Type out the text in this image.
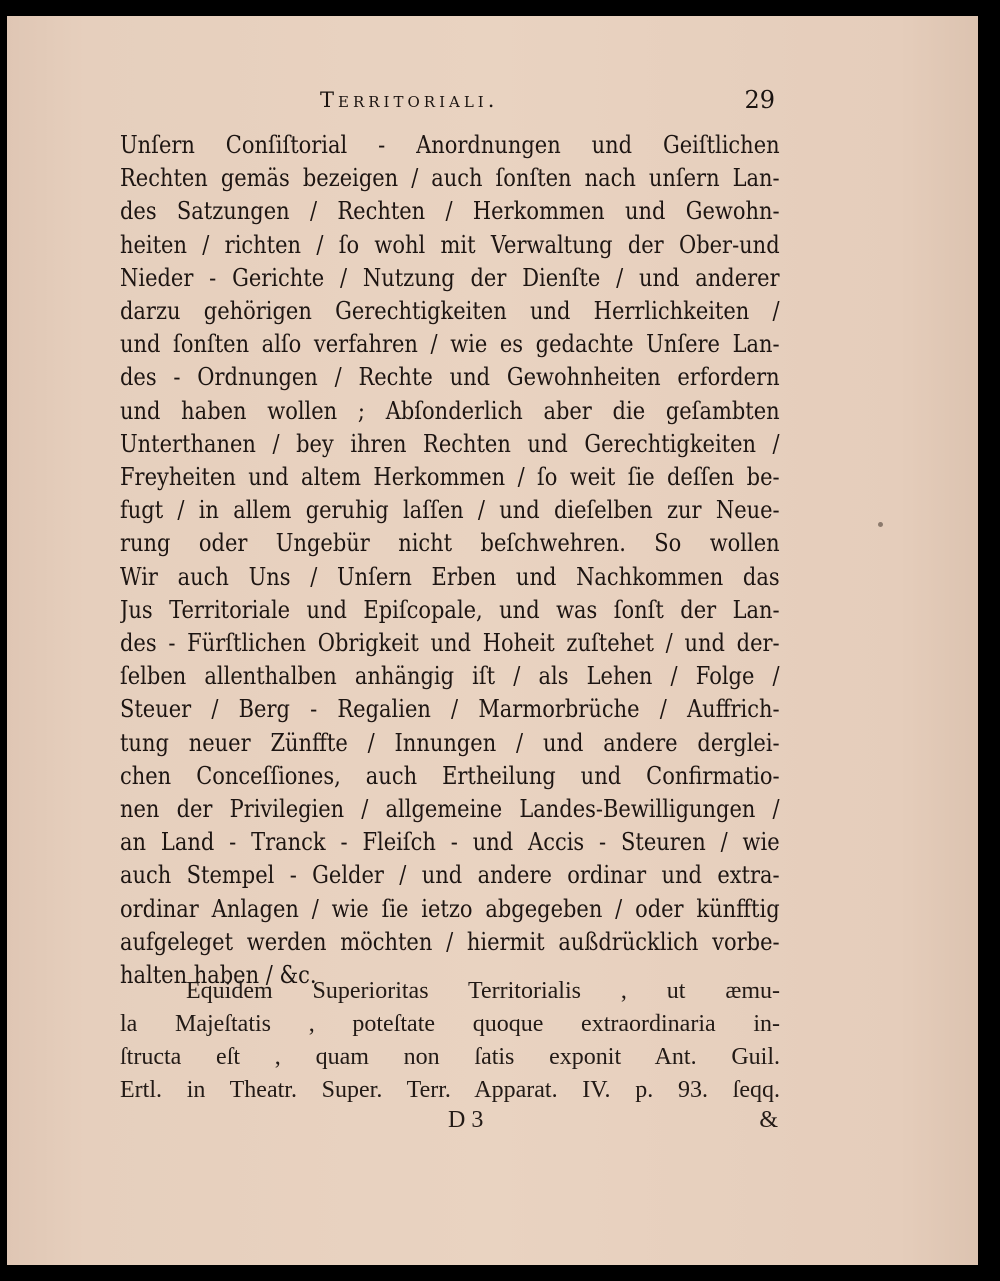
Territoriali.	29
Unſern Conſiſtorial - Anordnungen und Geiſtlichen
Rechten gemäs bezeigen / auch ſonſten nach unſern Lan-
des Satzungen / Rechten / Herkommen und Gewohn-
heiten / richten / ſo wohl mit Verwaltung der Ober-und
Nieder - Gerichte / Nutzung der Dienſte / und anderer
darzu gehörigen Gerechtigkeiten und Herrlichkeiten /
und ſonſten alſo verfahren / wie es gedachte Unſere Lan-
des - Ordnungen / Rechte und Gewohnheiten erfordern
und haben wollen ; Abſonderlich aber die geſambten
Unterthanen / bey ihren Rechten und Gerechtigkeiten /
Freyheiten und altem Herkommen / ſo weit ſie deſſen be-
fugt / in allem geruhig laſſen / und dieſelben zur Neue-
rung oder Ungebür nicht beſchwehren. So wollen
Wir auch Uns / Unſern Erben und Nachkommen das
Jus Territoriale und Epiſcopale, und was ſonſt der Lan-
des - Fürſtlichen Obrigkeit und Hoheit zuſtehet / und der-
ſelben allenthalben anhängig iſt / als Lehen / Folge /
Steuer / Berg - Regalien / Marmorbrüche / Auffrich-
tung neuer Zünffte / Innungen / und andere derglei-
chen Conceſſiones, auch Ertheilung und Confirmatio-
nen der Privilegien / allgemeine Landes-Bewilligungen /
an Land - Tranck - Fleiſch - und Accis - Steuren / wie
auch Stempel - Gelder / und andere ordinar und extra-
ordinar Anlagen / wie ſie ietzo abgegeben / oder künfftig
aufgeleget werden möchten / hiermit außdrücklich vorbe-
halten haben / &c.
Equidem Superioritas Territorialis , ut æmu-
la Majeſtatis , poteſtate quoque extraordinaria in-
ſtructa eſt , quam non ſatis exponit Ant. Guil.
Ertl. in Theatr. Super. Terr. Apparat. IV. p. 93. ſeqq.
D 3	&
